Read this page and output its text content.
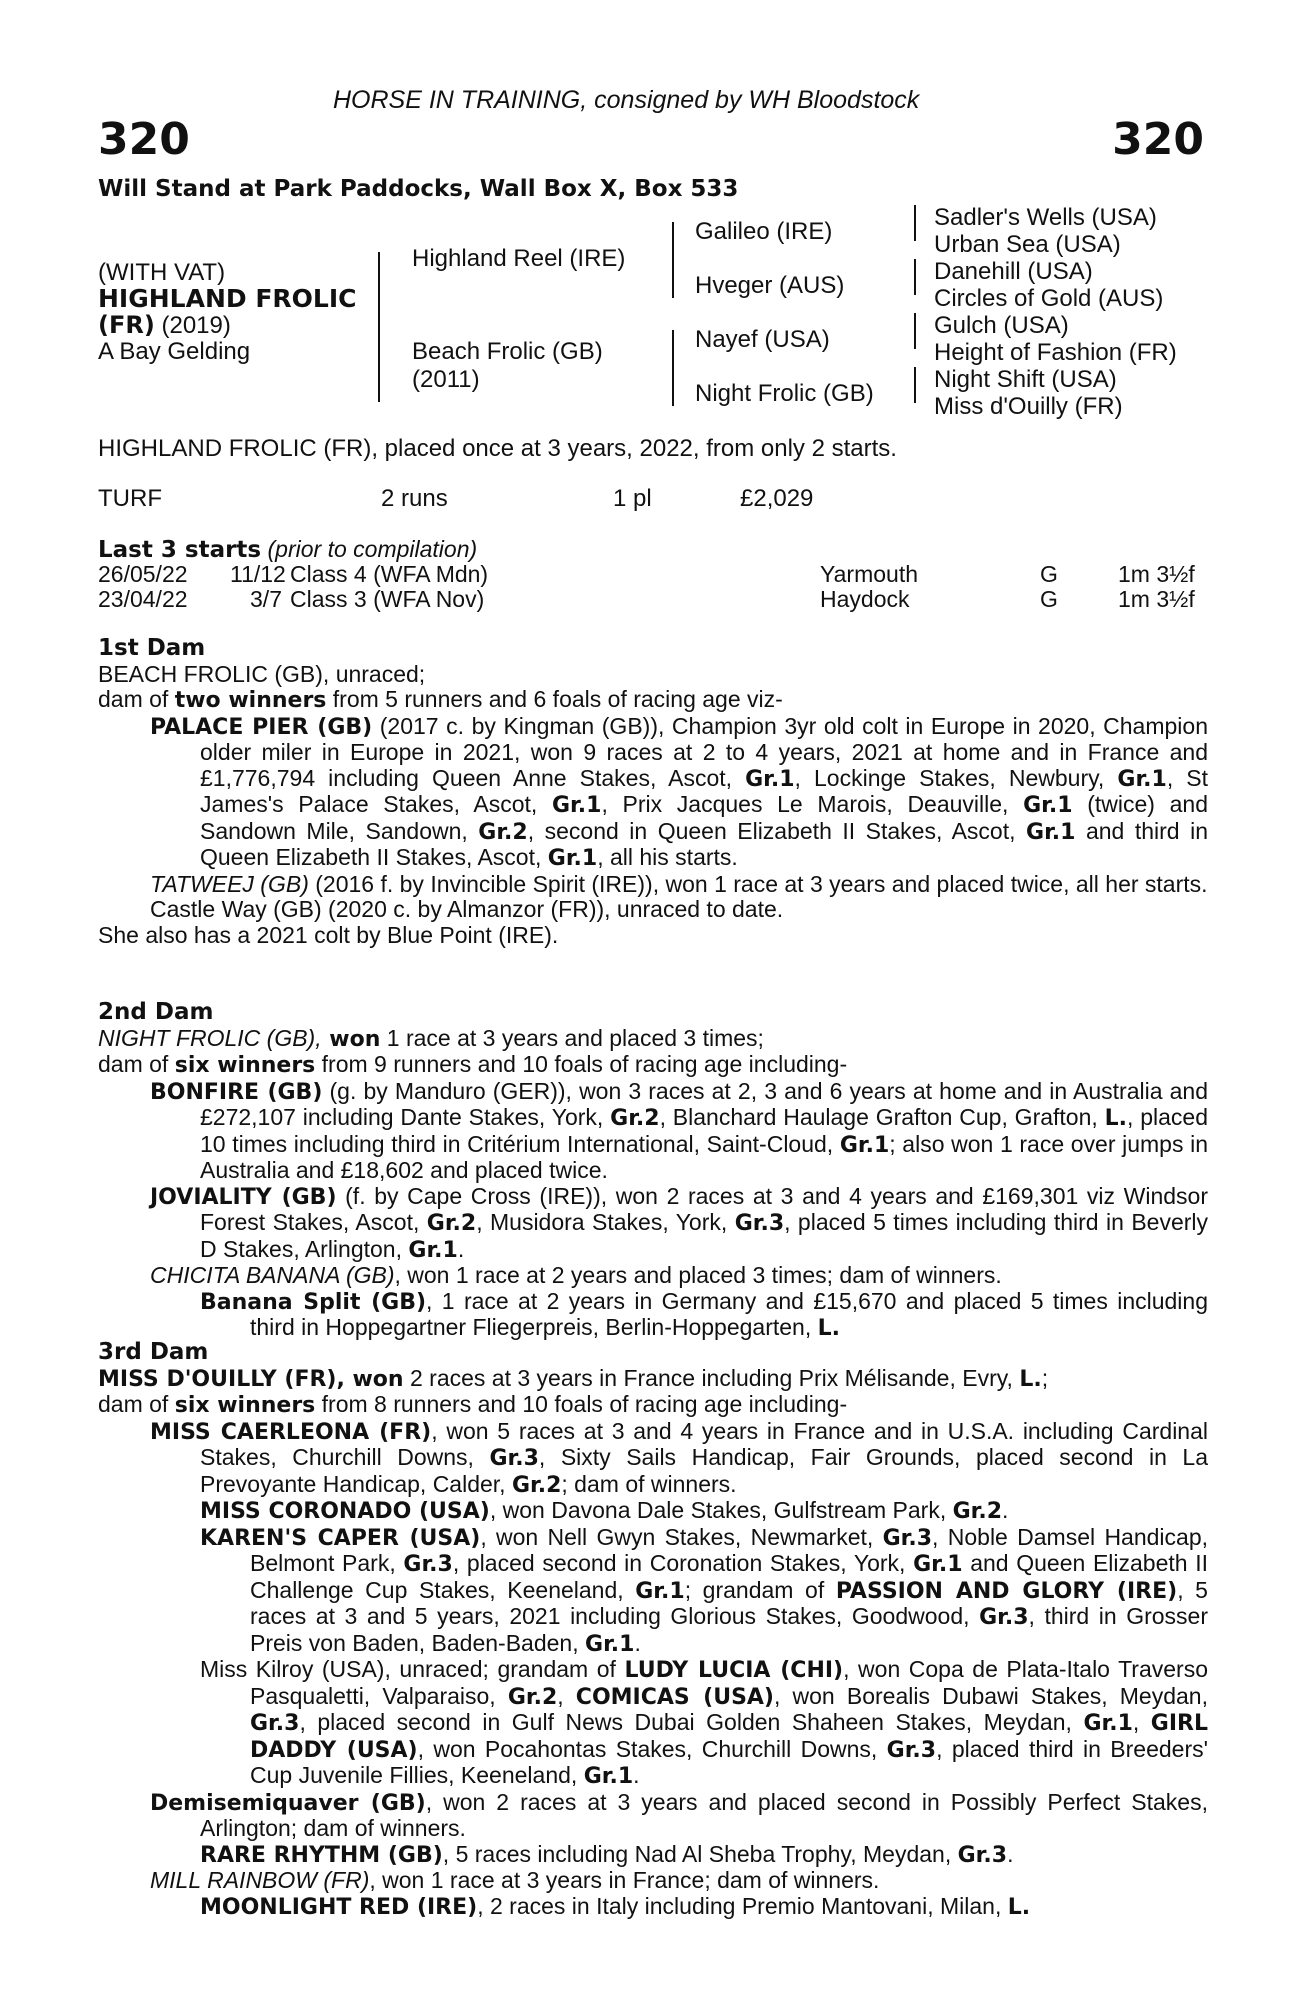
HORSE IN TRAINING, consigned by WH Bloodstock
320	320
Will Stand at Park Paddocks, Wall Box X, Box 533
(WITH VAT)
HIGHLAND FROLIC
(FR) (2019)
A Bay Gelding
Highland Reel (IRE)
Beach Frolic (GB)
(2011)
Galileo (IRE)
Hveger (AUS)
Nayef (USA)
Night Frolic (GB)
Sadler's Wells (USA)
Urban Sea (USA)
Danehill (USA)
Circles of Gold (AUS)
Gulch (USA)
Height of Fashion (FR)
Night Shift (USA)
Miss d'Ouilly (FR)
HIGHLAND FROLIC (FR), placed once at 3 years, 2022, from only 2 starts.
TURF	2 runs	1 pl	£2,029
Last 3 starts (prior to compilation)
26/05/22 11/12 Class 4 (WFA Mdn)	Yarmouth	G	1m 3½f
23/04/22	3/7 Class 3 (WFA Nov)	Haydock	G	1m 3½f
1st Dam
BEACH FROLIC (GB), unraced;
dam of two winners from 5 runners and 6 foals of racing age viz-
PALACE PIER (GB) (2017 c. by Kingman (GB)), Champion 3yr old colt in Europe in 2020, Champion older miler in Europe in 2021, won 9 races at 2 to 4 years, 2021 at home and in France and £1,776,794 including Queen Anne Stakes, Ascot, Gr.1, Lockinge Stakes, Newbury, Gr.1, St James's Palace Stakes, Ascot, Gr.1, Prix Jacques Le Marois, Deauville, Gr.1 (twice) and Sandown Mile, Sandown, Gr.2, second in Queen Elizabeth II Stakes, Ascot, Gr.1 and third in Queen Elizabeth II Stakes, Ascot, Gr.1, all his starts.
TATWEEJ (GB) (2016 f. by Invincible Spirit (IRE)), won 1 race at 3 years and placed twice, all her starts.
Castle Way (GB) (2020 c. by Almanzor (FR)), unraced to date.
She also has a 2021 colt by Blue Point (IRE).
2nd Dam
NIGHT FROLIC (GB), won 1 race at 3 years and placed 3 times;
dam of six winners from 9 runners and 10 foals of racing age including-
BONFIRE (GB) (g. by Manduro (GER)), won 3 races at 2, 3 and 6 years at home and in Australia and £272,107 including Dante Stakes, York, Gr.2, Blanchard Haulage Grafton Cup, Grafton, L., placed 10 times including third in Critérium International, Saint-Cloud, Gr.1; also won 1 race over jumps in Australia and £18,602 and placed twice.
JOVIALITY (GB) (f. by Cape Cross (IRE)), won 2 races at 3 and 4 years and £169,301 viz Windsor Forest Stakes, Ascot, Gr.2, Musidora Stakes, York, Gr.3, placed 5 times including third in Beverly D Stakes, Arlington, Gr.1.
CHICITA BANANA (GB), won 1 race at 2 years and placed 3 times; dam of winners.
Banana Split (GB), 1 race at 2 years in Germany and £15,670 and placed 5 times including third in Hoppegartner Fliegerpreis, Berlin-Hoppegarten, L.
3rd Dam
MISS D'OUILLY (FR), won 2 races at 3 years in France including Prix Mélisande, Evry, L.;
dam of six winners from 8 runners and 10 foals of racing age including-
MISS CAERLEONA (FR), won 5 races at 3 and 4 years in France and in U.S.A. including Cardinal Stakes, Churchill Downs, Gr.3, Sixty Sails Handicap, Fair Grounds, placed second in La Prevoyante Handicap, Calder, Gr.2; dam of winners.
MISS CORONADO (USA), won Davona Dale Stakes, Gulfstream Park, Gr.2.
KAREN'S CAPER (USA), won Nell Gwyn Stakes, Newmarket, Gr.3, Noble Damsel Handicap, Belmont Park, Gr.3, placed second in Coronation Stakes, York, Gr.1 and Queen Elizabeth II Challenge Cup Stakes, Keeneland, Gr.1; grandam of PASSION AND GLORY (IRE), 5 races at 3 and 5 years, 2021 including Glorious Stakes, Goodwood, Gr.3, third in Grosser Preis von Baden, Baden-Baden, Gr.1.
Miss Kilroy (USA), unraced; grandam of LUDY LUCIA (CHI), won Copa de Plata-Italo Traverso Pasqualetti, Valparaiso, Gr.2, COMICAS (USA), won Borealis Dubawi Stakes, Meydan, Gr.3, placed second in Gulf News Dubai Golden Shaheen Stakes, Meydan, Gr.1, GIRL DADDY (USA), won Pocahontas Stakes, Churchill Downs, Gr.3, placed third in Breeders' Cup Juvenile Fillies, Keeneland, Gr.1.
Demisemiquaver (GB), won 2 races at 3 years and placed second in Possibly Perfect Stakes, Arlington; dam of winners.
RARE RHYTHM (GB), 5 races including Nad Al Sheba Trophy, Meydan, Gr.3.
MILL RAINBOW (FR), won 1 race at 3 years in France; dam of winners.
MOONLIGHT RED (IRE), 2 races in Italy including Premio Mantovani, Milan, L.
